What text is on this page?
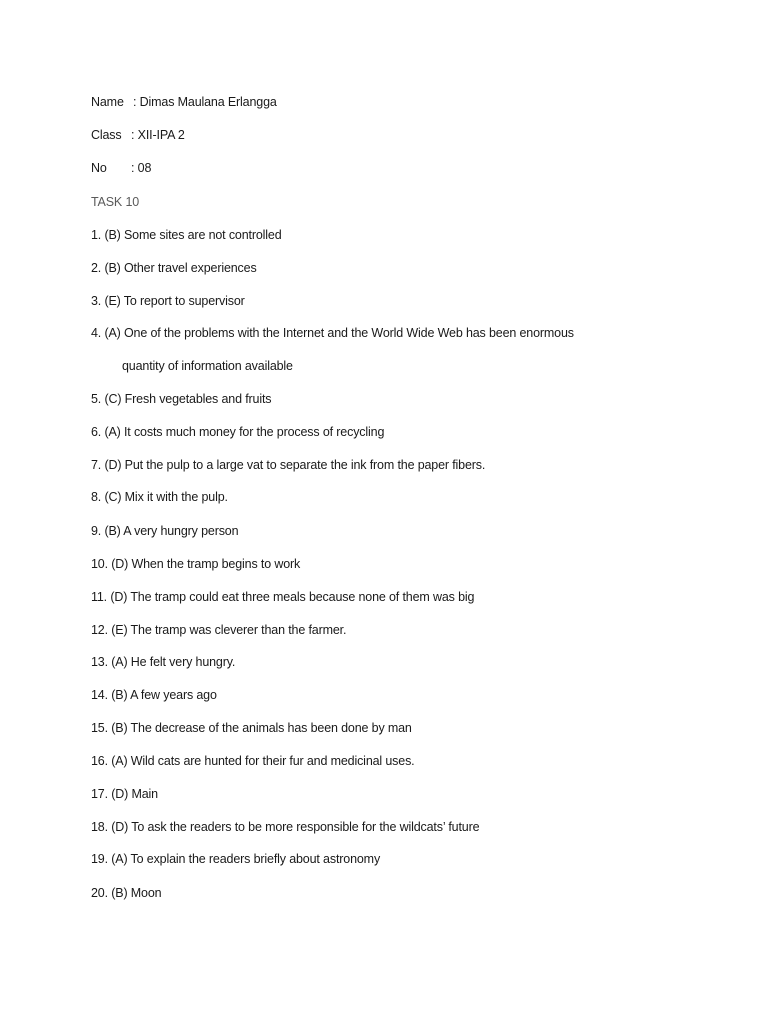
Name : Dimas Maulana Erlangga
Class : XII-IPA 2
No : 08
TASK 10
1. (B) Some sites are not controlled
2. (B) Other travel experiences
3. (E) To report to supervisor
4. (A) One of the problems with the Internet and the World Wide Web has been enormous
quantity of information available
5. (C) Fresh vegetables and fruits
6. (A) It costs much money for the process of recycling
7. (D) Put the pulp to a large vat to separate the ink from the paper fibers.
8. (C) Mix it with the pulp.
9. (B) A very hungry person
10. (D) When the tramp begins to work
11. (D) The tramp could eat three meals because none of them was big
12. (E) The tramp was cleverer than the farmer.
13. (A) He felt very hungry.
14. (B) A few years ago
15. (B) The decrease of the animals has been done by man
16. (A) Wild cats are hunted for their fur and medicinal uses.
17. (D) Main
18. (D) To ask the readers to be more responsible for the wildcats’ future
19. (A) To explain the readers briefly about astronomy
20. (B) Moon
